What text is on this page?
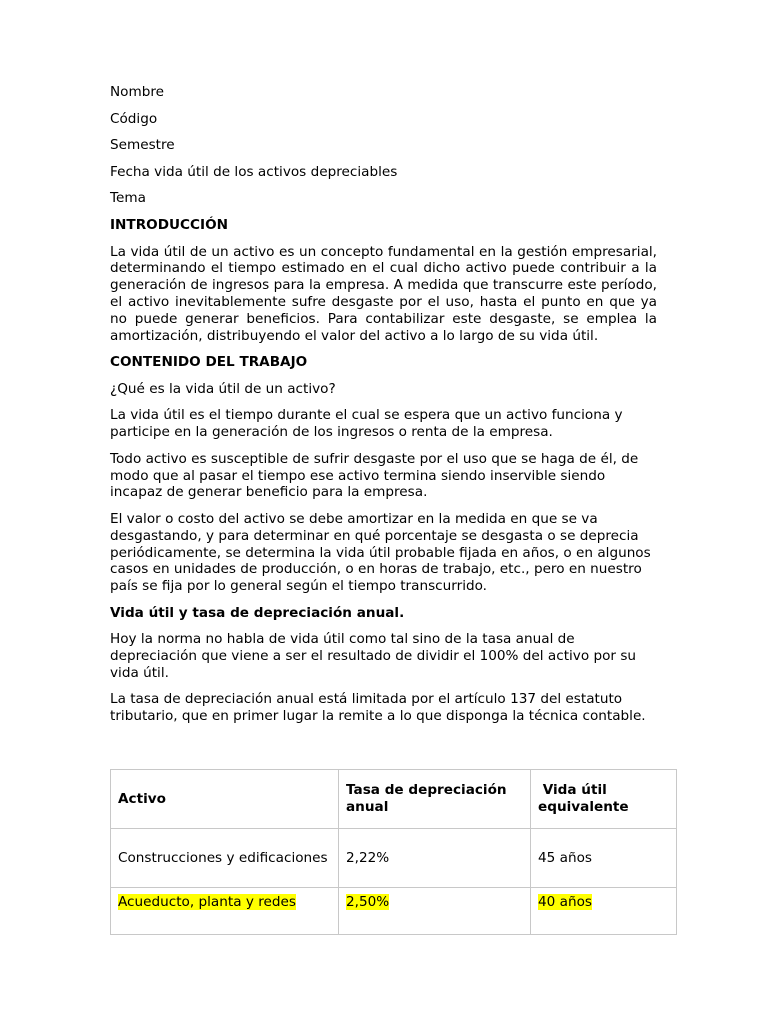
Nombre
Código
Semestre
Fecha vida útil de los activos depreciables
Tema

INTRODUCCIÓN

La vida útil de un activo es un concepto fundamental en la gestión empresarial, determinando el tiempo estimado en el cual dicho activo puede contribuir a la generación de ingresos para la empresa. A medida que transcurre este período, el activo inevitablemente sufre desgaste por el uso, hasta el punto en que ya no puede generar beneficios. Para contabilizar este desgaste, se emplea la amortización, distribuyendo el valor del activo a lo largo de su vida útil.

CONTENIDO DEL TRABAJO

¿Qué es la vida útil de un activo?

La vida útil es el tiempo durante el cual se espera que un activo funciona y participe en la generación de los ingresos o renta de la empresa.

Todo activo es susceptible de sufrir desgaste por el uso que se haga de él, de modo que al pasar el tiempo ese activo termina siendo inservible siendo incapaz de generar beneficio para la empresa.

El valor o costo del activo se debe amortizar en la medida en que se va desgastando, y para determinar en qué porcentaje se desgasta o se deprecia periódicamente, se determina la vida útil probable fijada en años, o en algunos casos en unidades de producción, o en horas de trabajo, etc., pero en nuestro país se fija por lo general según el tiempo transcurrido.

Vida útil y tasa de depreciación anual.

Hoy la norma no habla de vida útil como tal sino de la tasa anual de depreciación que viene a ser el resultado de dividir el 100% del activo por su vida útil.

La tasa de depreciación anual está limitada por el artículo 137 del estatuto tributario, que en primer lugar la remite a lo que disponga la técnica contable.

Activo	Tasa de depreciación anual	Vida útil equivalente
Construcciones y edificaciones	2,22%	45 años
Acueducto, planta y redes	2,50%	40 años
